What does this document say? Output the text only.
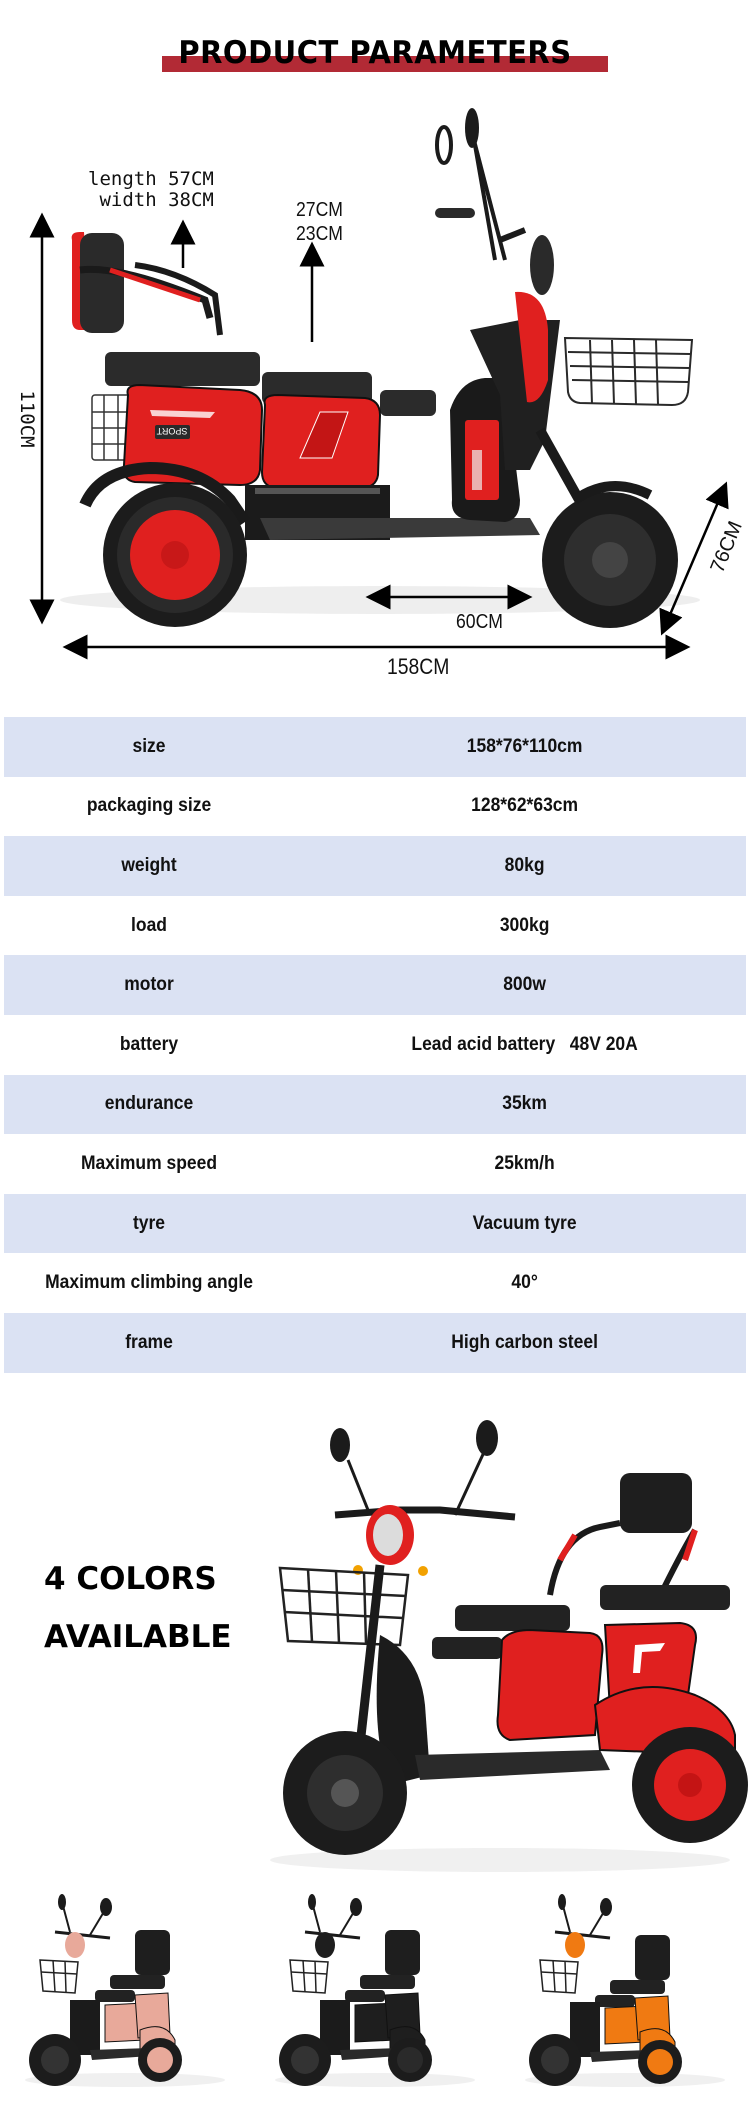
PRODUCT PARAMETERS
SPORT
length 57CM
width 38CM	27CM
23CM
110CM
60CM
158CM
76CM
size	158*76*110cm
packaging size	128*62*63cm
weight	80kg
load	300kg
motor	800w
battery	Lead acid battery   48V 20A
endurance	35km
Maximum speed	25km/h
tyre	Vacuum tyre
Maximum climbing angle	40°
frame	High carbon steel
4 COLORS
AVAILABLE
